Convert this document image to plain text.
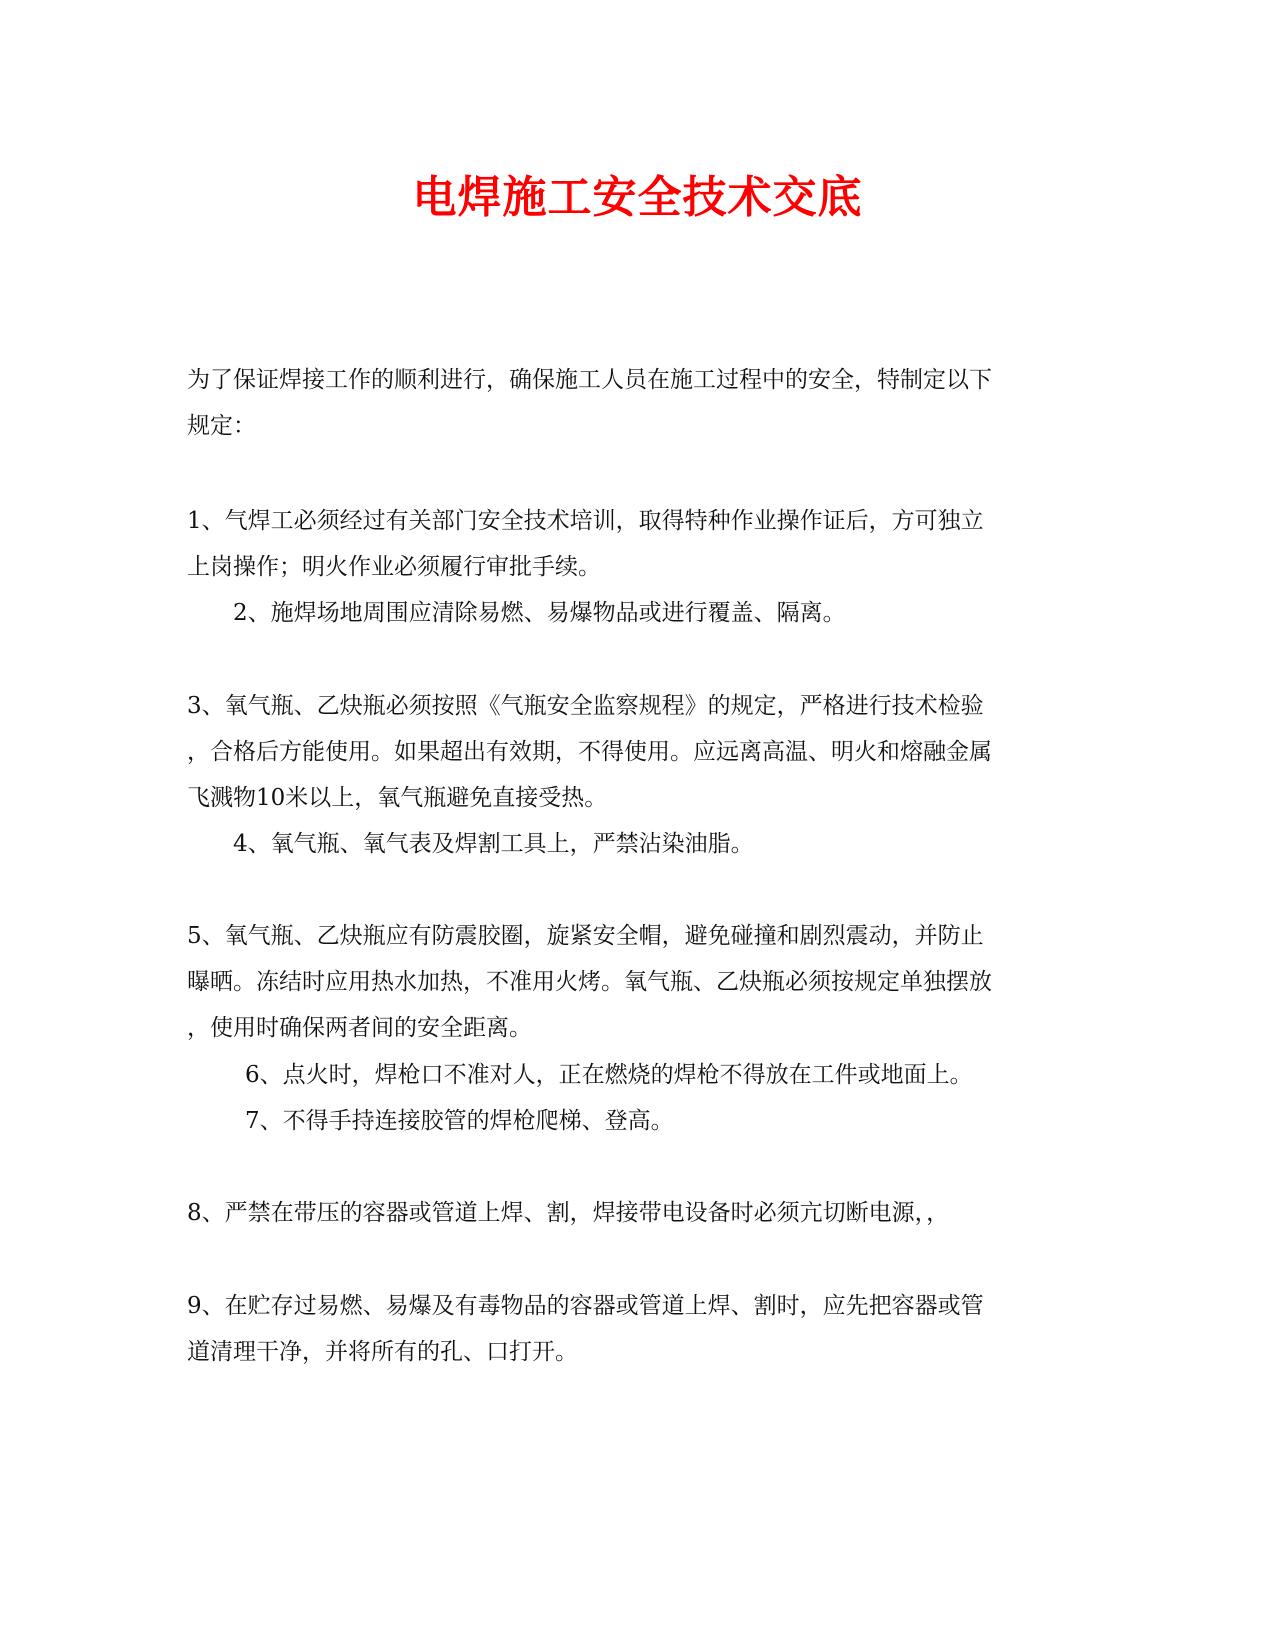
电焊施工安全技术交底
为了保证焊接工作的顺利进行，确保施工人员在施工过程中的安全，特制定以下
规定：
1、气焊工必须经过有关部门安全技术培训，取得特种作业操作证后，方可独立
上岗操作；明火作业必须履行审批手续。
2、施焊场地周围应清除易燃、易爆物品或进行覆盖、隔离。
3、氧气瓶、乙炔瓶必须按照《气瓶安全监察规程》的规定，严格进行技术检验
，合格后方能使用。如果超出有效期，不得使用。应远离高温、明火和熔融金属
飞溅物10米以上，氧气瓶避免直接受热。
4、氧气瓶、氧气表及焊割工具上，严禁沾染油脂。
5、氧气瓶、乙炔瓶应有防震胶圈，旋紧安全帽，避免碰撞和剧烈震动，并防止
曝晒。冻结时应用热水加热，不准用火烤。氧气瓶、乙炔瓶必须按规定单独摆放
，使用时确保两者间的安全距离。
6、点火时，焊枪口不准对人，正在燃烧的焊枪不得放在工件或地面上。
7、不得手持连接胶管的焊枪爬梯、登高。
8、严禁在带压的容器或管道上焊、割，焊接带电设备时必须亢切断电源，，
9、在贮存过易燃、易爆及有毒物品的容器或管道上焊、割时，应先把容器或管
道清理干净，并将所有的孔、口打开。
